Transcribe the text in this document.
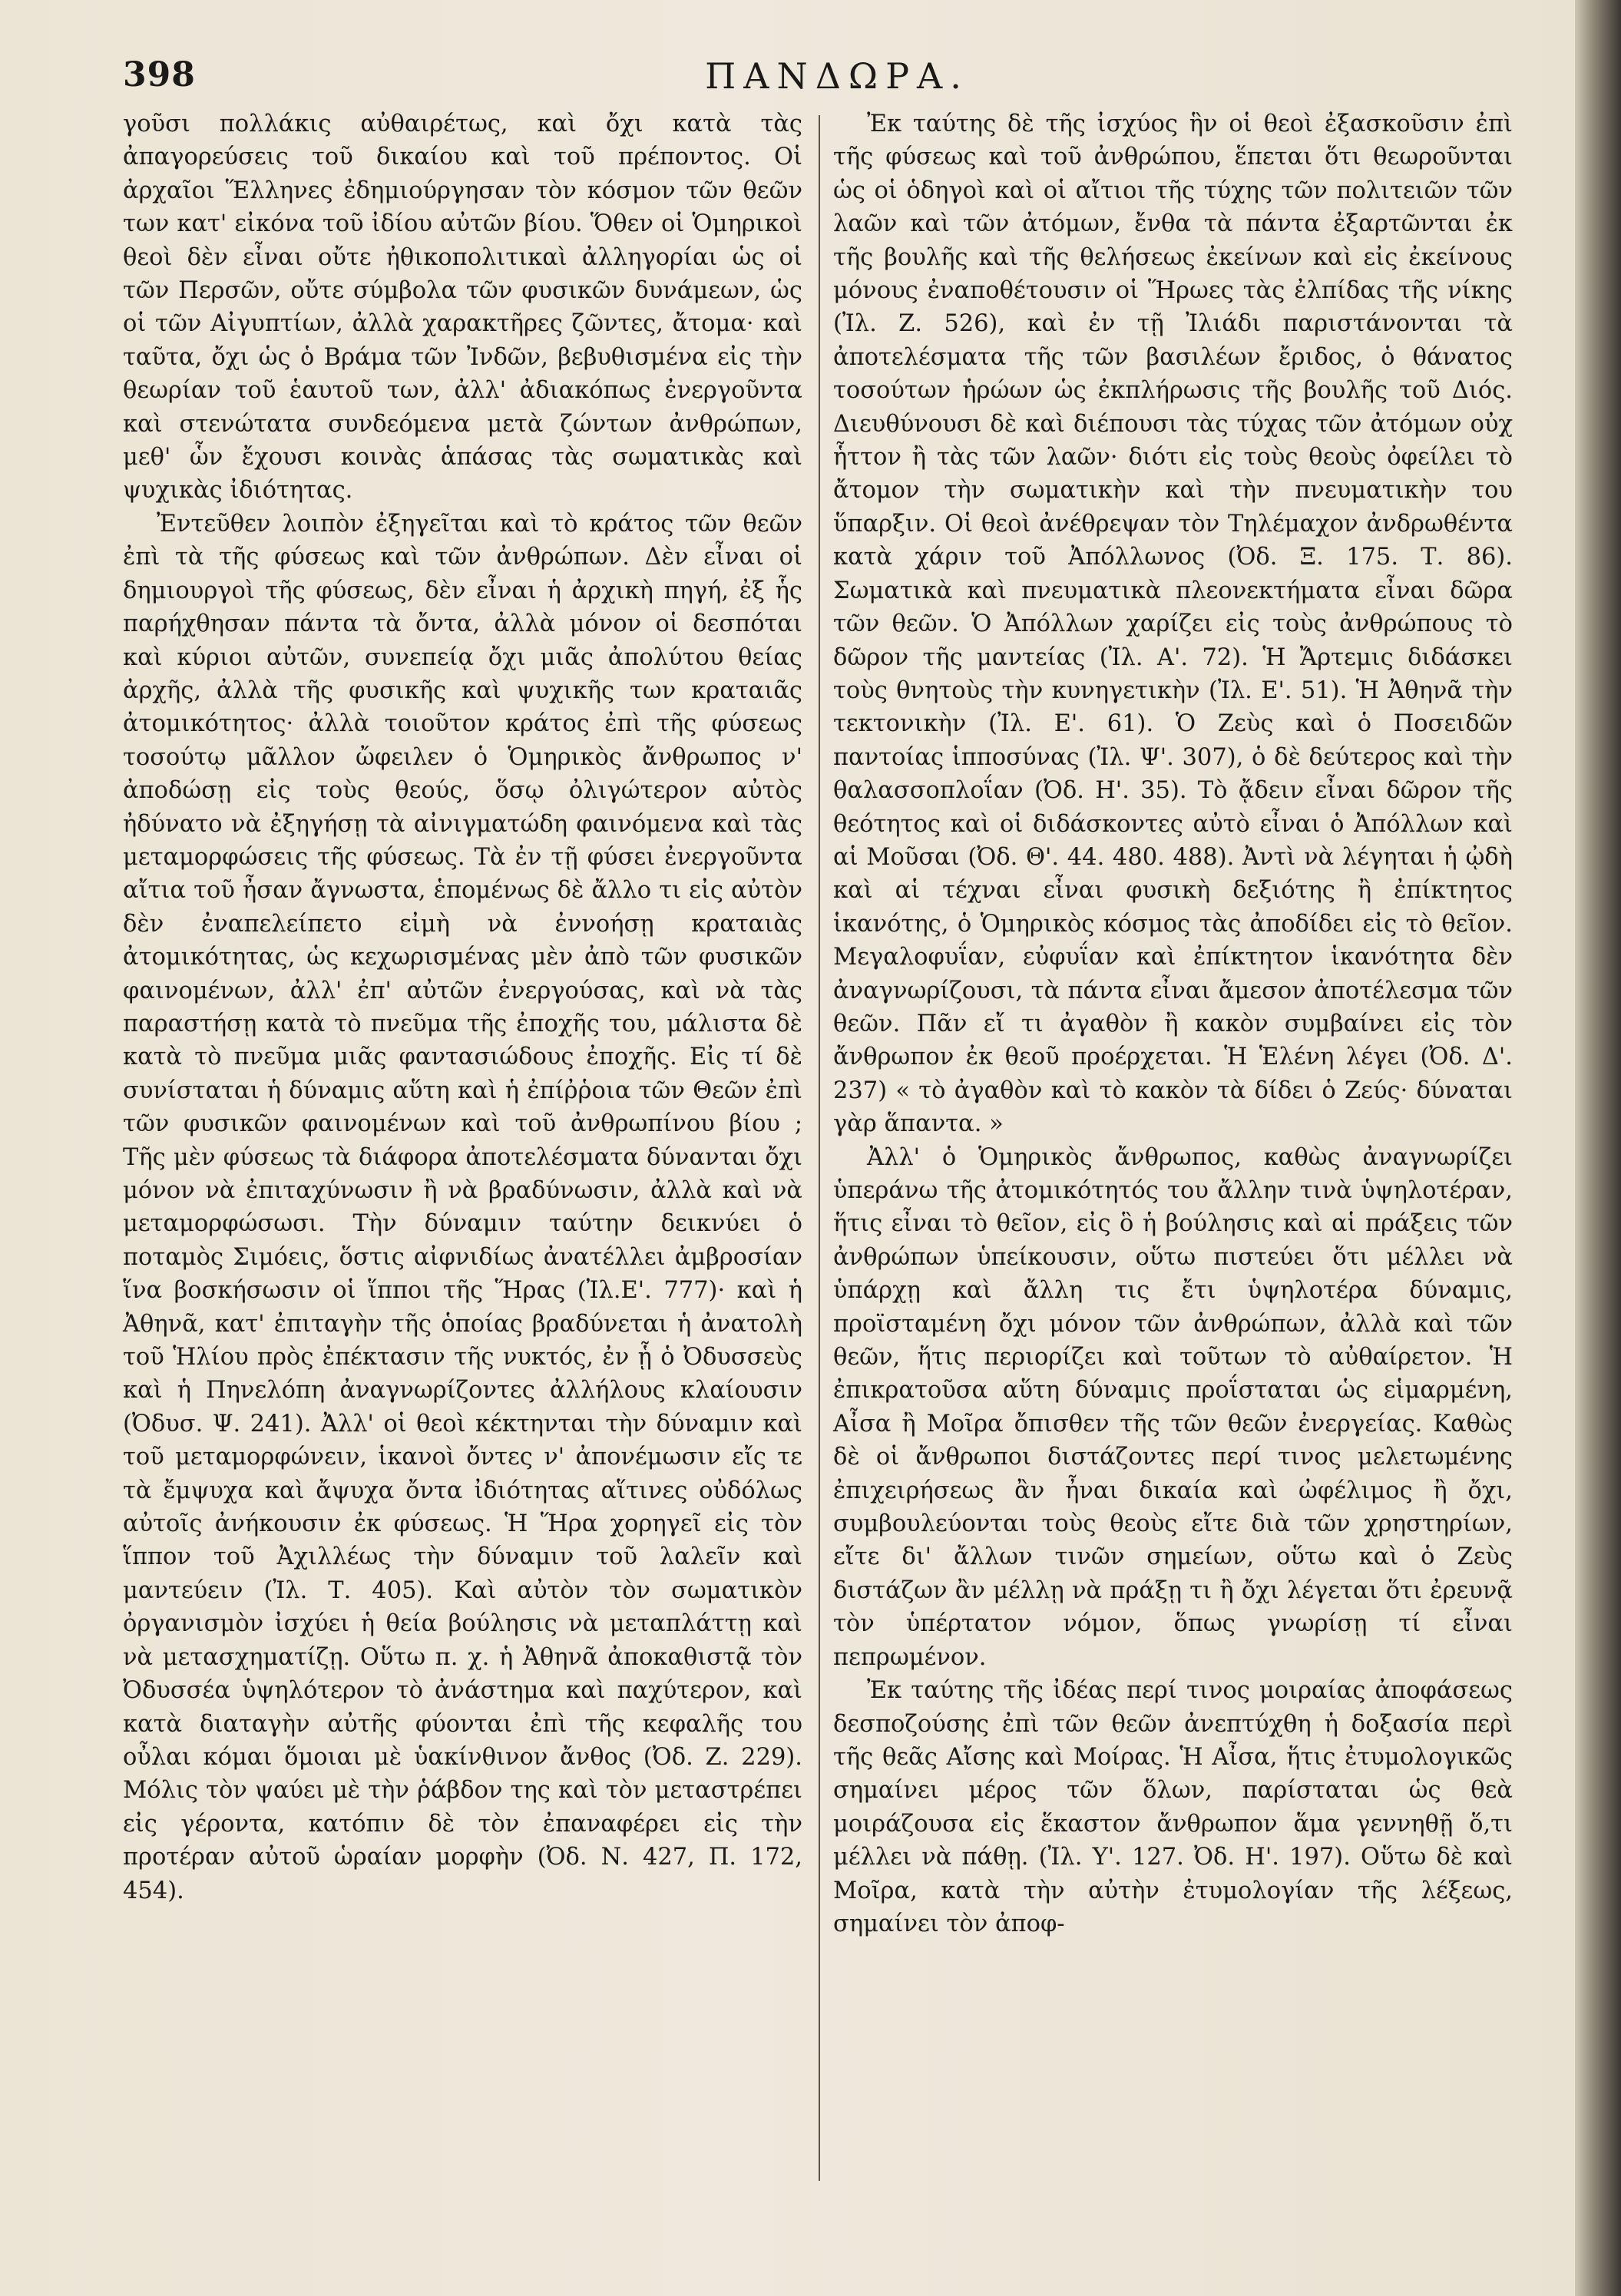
398	ΠΑΝΔΩΡΑ.

γοῦσι πολλάκις αὐθαιρέτως, καὶ ὄχι κατὰ τὰς ἀπαγορεύσεις τοῦ δικαίου καὶ τοῦ πρέποντος. Οἱ ἀρχαῖοι Ἕλληνες ἐδημιούργησαν τὸν κόσμον τῶν θεῶν των κατ' εἰκόνα τοῦ ἰδίου αὐτῶν βίου. Ὅθεν οἱ Ὁμηρικοὶ θεοὶ δὲν εἶναι οὔτε ἠθικοπολιτικαὶ ἀλληγορίαι ὡς οἱ τῶν Περσῶν, οὔτε σύμβολα τῶν φυσικῶν δυνάμεων, ὡς οἱ τῶν Αἰγυπτίων, ἀλλὰ χαρακτῆρες ζῶντες, ἄτομα· καὶ ταῦτα, ὄχι ὡς ὁ Βράμα τῶν Ἰνδῶν, βεβυθισμένα εἰς τὴν θεωρίαν τοῦ ἑαυτοῦ των, ἀλλ' ἀδιακόπως ἐνεργοῦντα καὶ στενώτατα συνδεόμενα μετὰ ζώντων ἀνθρώπων, μεθ' ὧν ἔχουσι κοινὰς ἁπάσας τὰς σωματικὰς καὶ ψυχικὰς ἰδιότητας.

Ἐντεῦθεν λοιπὸν ἐξηγεῖται καὶ τὸ κράτος τῶν θεῶν ἐπὶ τὰ τῆς φύσεως καὶ τῶν ἀνθρώπων. Δὲν εἶναι οἱ δημιουργοὶ τῆς φύσεως, δὲν εἶναι ἡ ἀρχικὴ πηγή, ἐξ ἧς παρήχθησαν πάντα τὰ ὄντα, ἀλλὰ μόνον οἱ δεσπόται καὶ κύριοι αὐτῶν, συνεπείᾳ ὄχι μιᾶς ἀπολύτου θείας ἀρχῆς, ἀλλὰ τῆς φυσικῆς καὶ ψυχικῆς των κραταιᾶς ἀτομικότητος· ἀλλὰ τοιοῦτον κράτος ἐπὶ τῆς φύσεως τοσούτῳ μᾶλλον ὤφειλεν ὁ Ὁμηρικὸς ἄνθρωπος ν' ἀποδώσῃ εἰς τοὺς θεούς, ὅσῳ ὀλιγώτερον αὐτὸς ἠδύνατο νὰ ἐξηγήσῃ τὰ αἰνιγματώδη φαινόμενα καὶ τὰς μεταμορφώσεις τῆς φύσεως. Τὰ ἐν τῇ φύσει ἐνεργοῦντα αἴτια τοῦ ἦσαν ἄγνωστα, ἑπομένως δὲ ἄλλο τι εἰς αὐτὸν δὲν ἐναπελείπετο εἰμὴ νὰ ἐννοήσῃ κραταιὰς ἀτομικότητας, ὡς κεχωρισμένας μὲν ἀπὸ τῶν φυσικῶν φαινομένων, ἀλλ' ἐπ' αὐτῶν ἐνεργούσας, καὶ νὰ τὰς παραστήσῃ κατὰ τὸ πνεῦμα τῆς ἐποχῆς του, μάλιστα δὲ κατὰ τὸ πνεῦμα μιᾶς φαντασιώδους ἐποχῆς. Εἰς τί δὲ συνίσταται ἡ δύναμις αὕτη καὶ ἡ ἐπίῤῥοια τῶν Θεῶν ἐπὶ τῶν φυσικῶν φαινομένων καὶ τοῦ ἀνθρωπίνου βίου ; Τῆς μὲν φύσεως τὰ διάφορα ἀποτελέσματα δύνανται ὄχι μόνον νὰ ἐπιταχύνωσιν ἢ νὰ βραδύνωσιν, ἀλλὰ καὶ νὰ μεταμορφώσωσι. Τὴν δύναμιν ταύτην δεικνύει ὁ ποταμὸς Σιμόεις, ὅστις αἰφνιδίως ἀνατέλλει ἀμβροσίαν ἵνα βοσκήσωσιν οἱ ἵπποι τῆς Ἥρας (Ἰλ.Ε'. 777)· καὶ ἡ Ἀθηνᾶ, κατ' ἐπιταγὴν τῆς ὁποίας βραδύνεται ἡ ἀνατολὴ τοῦ Ἡλίου πρὸς ἐπέκτασιν τῆς νυκτός, ἐν ᾗ ὁ Ὀδυσσεὺς καὶ ἡ Πηνελόπη ἀναγνωρίζοντες ἀλλήλους κλαίουσιν (Ὀδυσ. Ψ. 241). Ἀλλ' οἱ θεοὶ κέκτηνται τὴν δύναμιν καὶ τοῦ μεταμορφώνειν, ἱκανοὶ ὄντες ν' ἀπονέμωσιν εἴς τε τὰ ἔμψυχα καὶ ἄψυχα ὄντα ἰδιότητας αἵτινες οὐδόλως αὐτοῖς ἀνήκουσιν ἐκ φύσεως. Ἡ Ἥρα χορηγεῖ εἰς τὸν ἵππον τοῦ Ἀχιλλέως τὴν δύναμιν τοῦ λαλεῖν καὶ μαντεύειν (Ἰλ. Τ. 405). Καὶ αὐτὸν τὸν σωματικὸν ὀργανισμὸν ἰσχύει ἡ θεία βούλησις νὰ μεταπλάττῃ καὶ νὰ μετασχηματίζῃ. Οὕτω π. χ. ἡ Ἀθηνᾶ ἀποκαθιστᾷ τὸν Ὀδυσσέα ὑψηλότερον τὸ ἀνάστημα καὶ παχύτερον, καὶ κατὰ διαταγὴν αὐτῆς φύονται ἐπὶ τῆς κεφαλῆς του οὖλαι κόμαι ὅμοιαι μὲ ὑακίνθινον ἄνθος (Ὀδ. Ζ. 229). Μόλις τὸν ψαύει μὲ τὴν ῥάβδον της καὶ τὸν μεταστρέπει εἰς γέροντα, κατόπιν δὲ τὸν ἐπαναφέρει εἰς τὴν προτέραν αὐτοῦ ὡραίαν μορφὴν (Ὀδ. Ν. 427, Π. 172, 454).

Ἐκ ταύτης δὲ τῆς ἰσχύος ἣν οἱ θεοὶ ἐξασκοῦσιν ἐπὶ τῆς φύσεως καὶ τοῦ ἀνθρώπου, ἕπεται ὅτι θεωροῦνται ὡς οἱ ὁδηγοὶ καὶ οἱ αἴτιοι τῆς τύχης τῶν πολιτειῶν τῶν λαῶν καὶ τῶν ἀτόμων, ἔνθα τὰ πάντα ἐξαρτῶνται ἐκ τῆς βουλῆς καὶ τῆς θελήσεως ἐκείνων καὶ εἰς ἐκείνους μόνους ἐναποθέτουσιν οἱ Ἥρωες τὰς ἐλπίδας τῆς νίκης (Ἰλ. Ζ. 526), καὶ ἐν τῇ Ἰλιάδι παριστάνονται τὰ ἀποτελέσματα τῆς τῶν βασιλέων ἔριδος, ὁ θάνατος τοσούτων ἡρώων ὡς ἐκπλήρωσις τῆς βουλῆς τοῦ Διός. Διευθύνουσι δὲ καὶ διέπουσι τὰς τύχας τῶν ἀτόμων οὐχ ἧττον ἢ τὰς τῶν λαῶν· διότι εἰς τοὺς θεοὺς ὀφείλει τὸ ἄτομον τὴν σωματικὴν καὶ τὴν πνευματικὴν του ὕπαρξιν. Οἱ θεοὶ ἀνέθρεψαν τὸν Τηλέμαχον ἀνδρωθέντα κατὰ χάριν τοῦ Ἀπόλλωνος (Ὀδ. Ξ. 175. Τ. 86). Σωματικὰ καὶ πνευματικὰ πλεονεκτήματα εἶναι δῶρα τῶν θεῶν. Ὁ Ἀπόλλων χαρίζει εἰς τοὺς ἀνθρώπους τὸ δῶρον τῆς μαντείας (Ἰλ. Α'. 72). Ἡ Ἄρτεμις διδάσκει τοὺς θνητοὺς τὴν κυνηγετικὴν (Ἰλ. Ε'. 51). Ἡ Ἀθηνᾶ τὴν τεκτονικὴν (Ἰλ. Ε'. 61). Ὁ Ζεὺς καὶ ὁ Ποσειδῶν παντοίας ἱπποσύνας (Ἰλ. Ψ'. 307), ὁ δὲ δεύτερος καὶ τὴν θαλασσοπλοΐαν (Ὀδ. Η'. 35). Τὸ ᾄδειν εἶναι δῶρον τῆς θεότητος καὶ οἱ διδάσκοντες αὐτὸ εἶναι ὁ Ἀπόλλων καὶ αἱ Μοῦσαι (Ὀδ. Θ'. 44. 480. 488). Ἀντὶ νὰ λέγηται ἡ ᾠδὴ καὶ αἱ τέχναι εἶναι φυσικὴ δεξιότης ἢ ἐπίκτητος ἱκανότης, ὁ Ὁμηρικὸς κόσμος τὰς ἀποδίδει εἰς τὸ θεῖον. Μεγαλοφυΐαν, εὐφυΐαν καὶ ἐπίκτητον ἱκανότητα δὲν ἀναγνωρίζουσι, τὰ πάντα εἶναι ἄμεσον ἀποτέλεσμα τῶν θεῶν. Πᾶν εἴ τι ἀγαθὸν ἢ κακὸν συμβαίνει εἰς τὸν ἄνθρωπον ἐκ θεοῦ προέρχεται. Ἡ Ἑλένη λέγει (Ὀδ. Δ'. 237) « τὸ ἀγαθὸν καὶ τὸ κακὸν τὰ δίδει ὁ Ζεύς· δύναται γὰρ ἅπαντα. »

Ἀλλ' ὁ Ὁμηρικὸς ἄνθρωπος, καθὼς ἀναγνωρίζει ὑπεράνω τῆς ἀτομικότητός του ἄλλην τινὰ ὑψηλοτέραν, ἥτις εἶναι τὸ θεῖον, εἰς ὃ ἡ βούλησις καὶ αἱ πράξεις τῶν ἀνθρώπων ὑπείκουσιν, οὕτω πιστεύει ὅτι μέλλει νὰ ὑπάρχῃ καὶ ἄλλη τις ἔτι ὑψηλοτέρα δύναμις, προϊσταμένη ὄχι μόνον τῶν ἀνθρώπων, ἀλλὰ καὶ τῶν θεῶν, ἥτις περιορίζει καὶ τοῦτων τὸ αὐθαίρετον. Ἡ ἐπικρατοῦσα αὕτη δύναμις προΐσταται ὡς εἱμαρμένη, Αἶσα ἢ Μοῖρα ὄπισθεν τῆς τῶν θεῶν ἐνεργείας. Καθὼς δὲ οἱ ἄνθρωποι διστάζοντες περί τινος μελετωμένης ἐπιχειρήσεως ἂν ἦναι δικαία καὶ ὠφέλιμος ἢ ὄχι, συμβουλεύονται τοὺς θεοὺς εἴτε διὰ τῶν χρηστηρίων, εἴτε δι' ἄλλων τινῶν σημείων, οὕτω καὶ ὁ Ζεὺς διστάζων ἂν μέλλῃ νὰ πράξῃ τι ἢ ὄχι λέγεται ὅτι ἐρευνᾷ τὸν ὑπέρτατον νόμον, ὅπως γνωρίσῃ τί εἶναι πεπρωμένον.

Ἐκ ταύτης τῆς ἰδέας περί τινος μοιραίας ἀποφάσεως δεσποζούσης ἐπὶ τῶν θεῶν ἀνεπτύχθη ἡ δοξασία περὶ τῆς θεᾶς Αἴσης καὶ Μοίρας. Ἡ Αἶσα, ἥτις ἐτυμολογικῶς σημαίνει μέρος τῶν ὅλων, παρίσταται ὡς θεὰ μοιράζουσα εἰς ἕκαστον ἄνθρωπον ἅμα γεννηθῇ ὅ,τι μέλλει νὰ πάθῃ. (Ἰλ. Υ'. 127. Ὀδ. Η'. 197). Οὕτω δὲ καὶ Μοῖρα, κατὰ τὴν αὐτὴν ἐτυμολογίαν τῆς λέξεως, σημαίνει τὸν ἀποφ-
